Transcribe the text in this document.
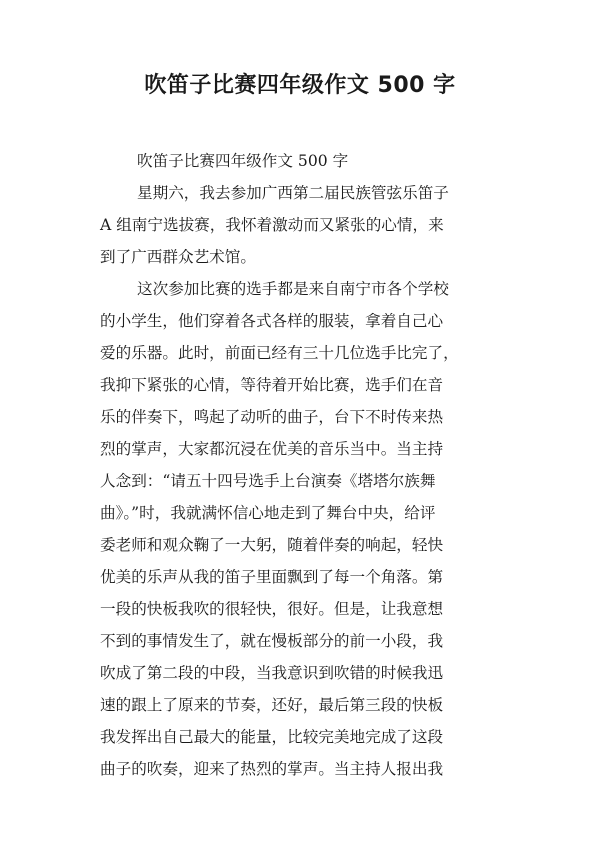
吹笛子比赛四年级作文 500 字
吹笛子比赛四年级作文 500 字
星期六，我去参加广西第二届民族管弦乐笛子
A 组南宁选拔赛，我怀着激动而又紧张的心情，来
到了广西群众艺术馆。
这次参加比赛的选手都是来自南宁市各个学校
的小学生，他们穿着各式各样的服装，拿着自己心
爱的乐器。此时，前面已经有三十几位选手比完了，
我抑下紧张的心情，等待着开始比赛，选手们在音
乐的伴奏下，鸣起了动听的曲子，台下不时传来热
烈的掌声，大家都沉浸在优美的音乐当中。当主持
人念到：“请五十四号选手上台演奏《塔塔尔族舞
曲》。”时，我就满怀信心地走到了舞台中央，给评
委老师和观众鞠了一大躬，随着伴奏的响起，轻快
优美的乐声从我的笛子里面飘到了每一个角落。第
一段的快板我吹的很轻快，很好。但是，让我意想
不到的事情发生了，就在慢板部分的前一小段，我
吹成了第二段的中段，当我意识到吹错的时候我迅
速的跟上了原来的节奏，还好，最后第三段的快板
我发挥出自己最大的能量，比较完美地完成了这段
曲子的吹奏，迎来了热烈的掌声。当主持人报出我
